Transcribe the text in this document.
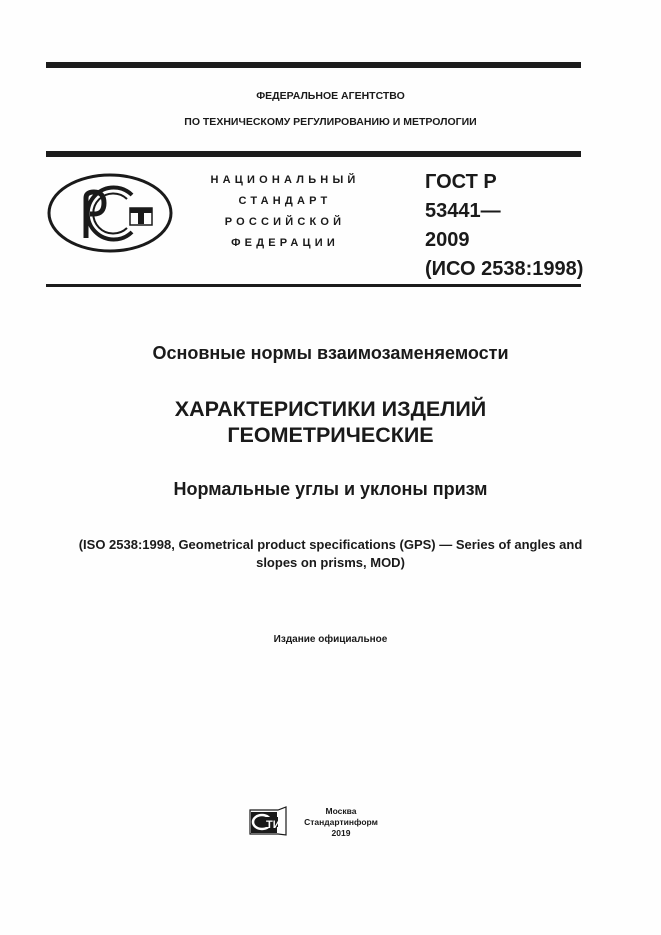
ФЕДЕРАЛЬНОЕ АГЕНТСТВО
ПО ТЕХНИЧЕСКОМУ РЕГУЛИРОВАНИЮ И МЕТРОЛОГИИ
НАЦИОНАЛЬНЫЙ
СТАНДАРТ
РОССИЙСКОЙ
ФЕДЕРАЦИИ
ГОСТ Р
53441—
2009
(ИСО 2538:1998)
Основные нормы взаимозаменяемости
ХАРАКТЕРИСТИКИ ИЗДЕЛИЙ
ГЕОМЕТРИЧЕСКИЕ
Нормальные углы и уклоны призм
(ISO 2538:1998, Geometrical product specifications (GPS) — Series of angles and
slopes on prisms, MOD)
Издание официальное
ТИ
Москва
Стандартинформ
2019
